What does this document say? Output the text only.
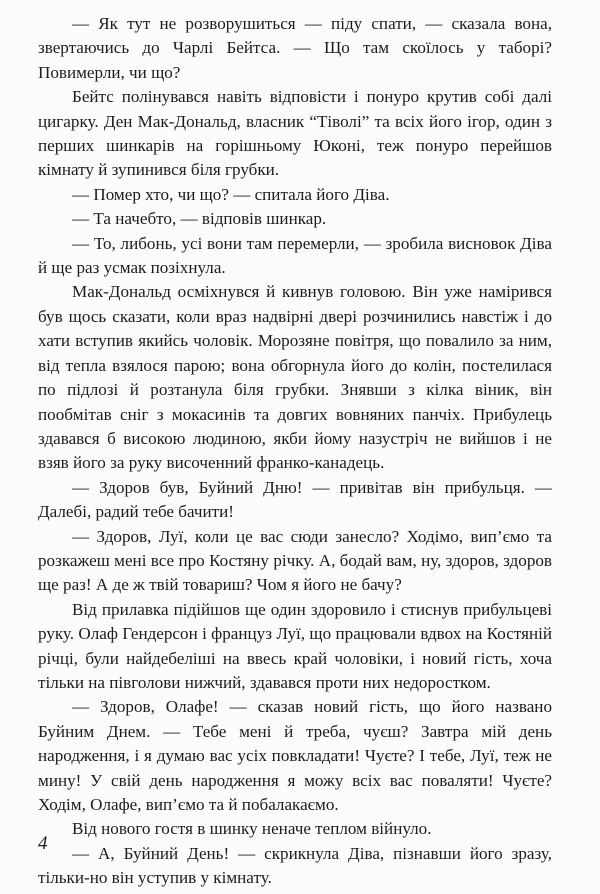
— Як тут не розворушиться — піду спати, — сказала вона, звертаючись до Чарлі Бейтса. — Що там скоїлось у таборі? Повимерли, чи що?

Бейтс полінувався навіть відповісти і понуро крутив собі далі цигарку. Ден Мак-Дональд, власник “Тіволі” та всіх його ігор, один з перших шинкарів на горішньому Юконі, теж понуро перейшов кімнату й зупинився біля грубки.

— Помер хто, чи що? — спитала його Діва.

— Та начебто, — відповів шинкар.

— То, либонь, усі вони там перемерли, — зробила висновок Діва й ще раз усмак позіхнула.

Мак-Дональд осміхнувся й кивнув головою. Він уже намірився був щось сказати, коли враз надвірні двері розчинились навстіж і до хати вступив якийсь чоловік. Морозяне повітря, що повалило за ним, від тепла взялося парою; вона обгорнула його до колін, постелилася по підлозі й розтанула біля грубки. Знявши з кілка віник, він пообмітав сніг з мокасинів та довгих вовняних панчіх. Прибулець здавався б високою людиною, якби йому назустріч не вийшов і не взяв його за руку височенний франко-канадець.

— Здоров був, Буйний Дню! — привітав він прибульця. — Далебі, радий тебе бачити!

— Здоров, Луї, коли це вас сюди занесло? Ходімо, вип’ємо та розкажеш мені все про Костяну річку. А, бодай вам, ну, здоров, здоров ще раз! А де ж твій товариш? Чом я його не бачу?

Від прилавка підійшов ще один здоровило і стиснув прибульцеві руку. Олаф Гендерсон і француз Луї, що працювали вдвох на Костяній річці, були найдебеліші на ввесь край чоловіки, і новий гість, хоча тільки на півголови нижчий, здавався проти них недоростком.

— Здоров, Олафе! — сказав новий гість, що його названо Буйним Днем. — Тебе мені й треба, чуєш? Завтра мій день народження, і я думаю вас усіх повкладати! Чуєте? І тебе, Луї, теж не мину! У свій день народження я можу всіх вас поваляти! Чуєте? Ходім, Олафе, вип’ємо та й побалакаємо.

Від нового гостя в шинку неначе теплом війнуло.

— А, Буйний День! — скрикнула Діва, пізнавши його зразу, тільки-но він уступив у кімнату.

4
